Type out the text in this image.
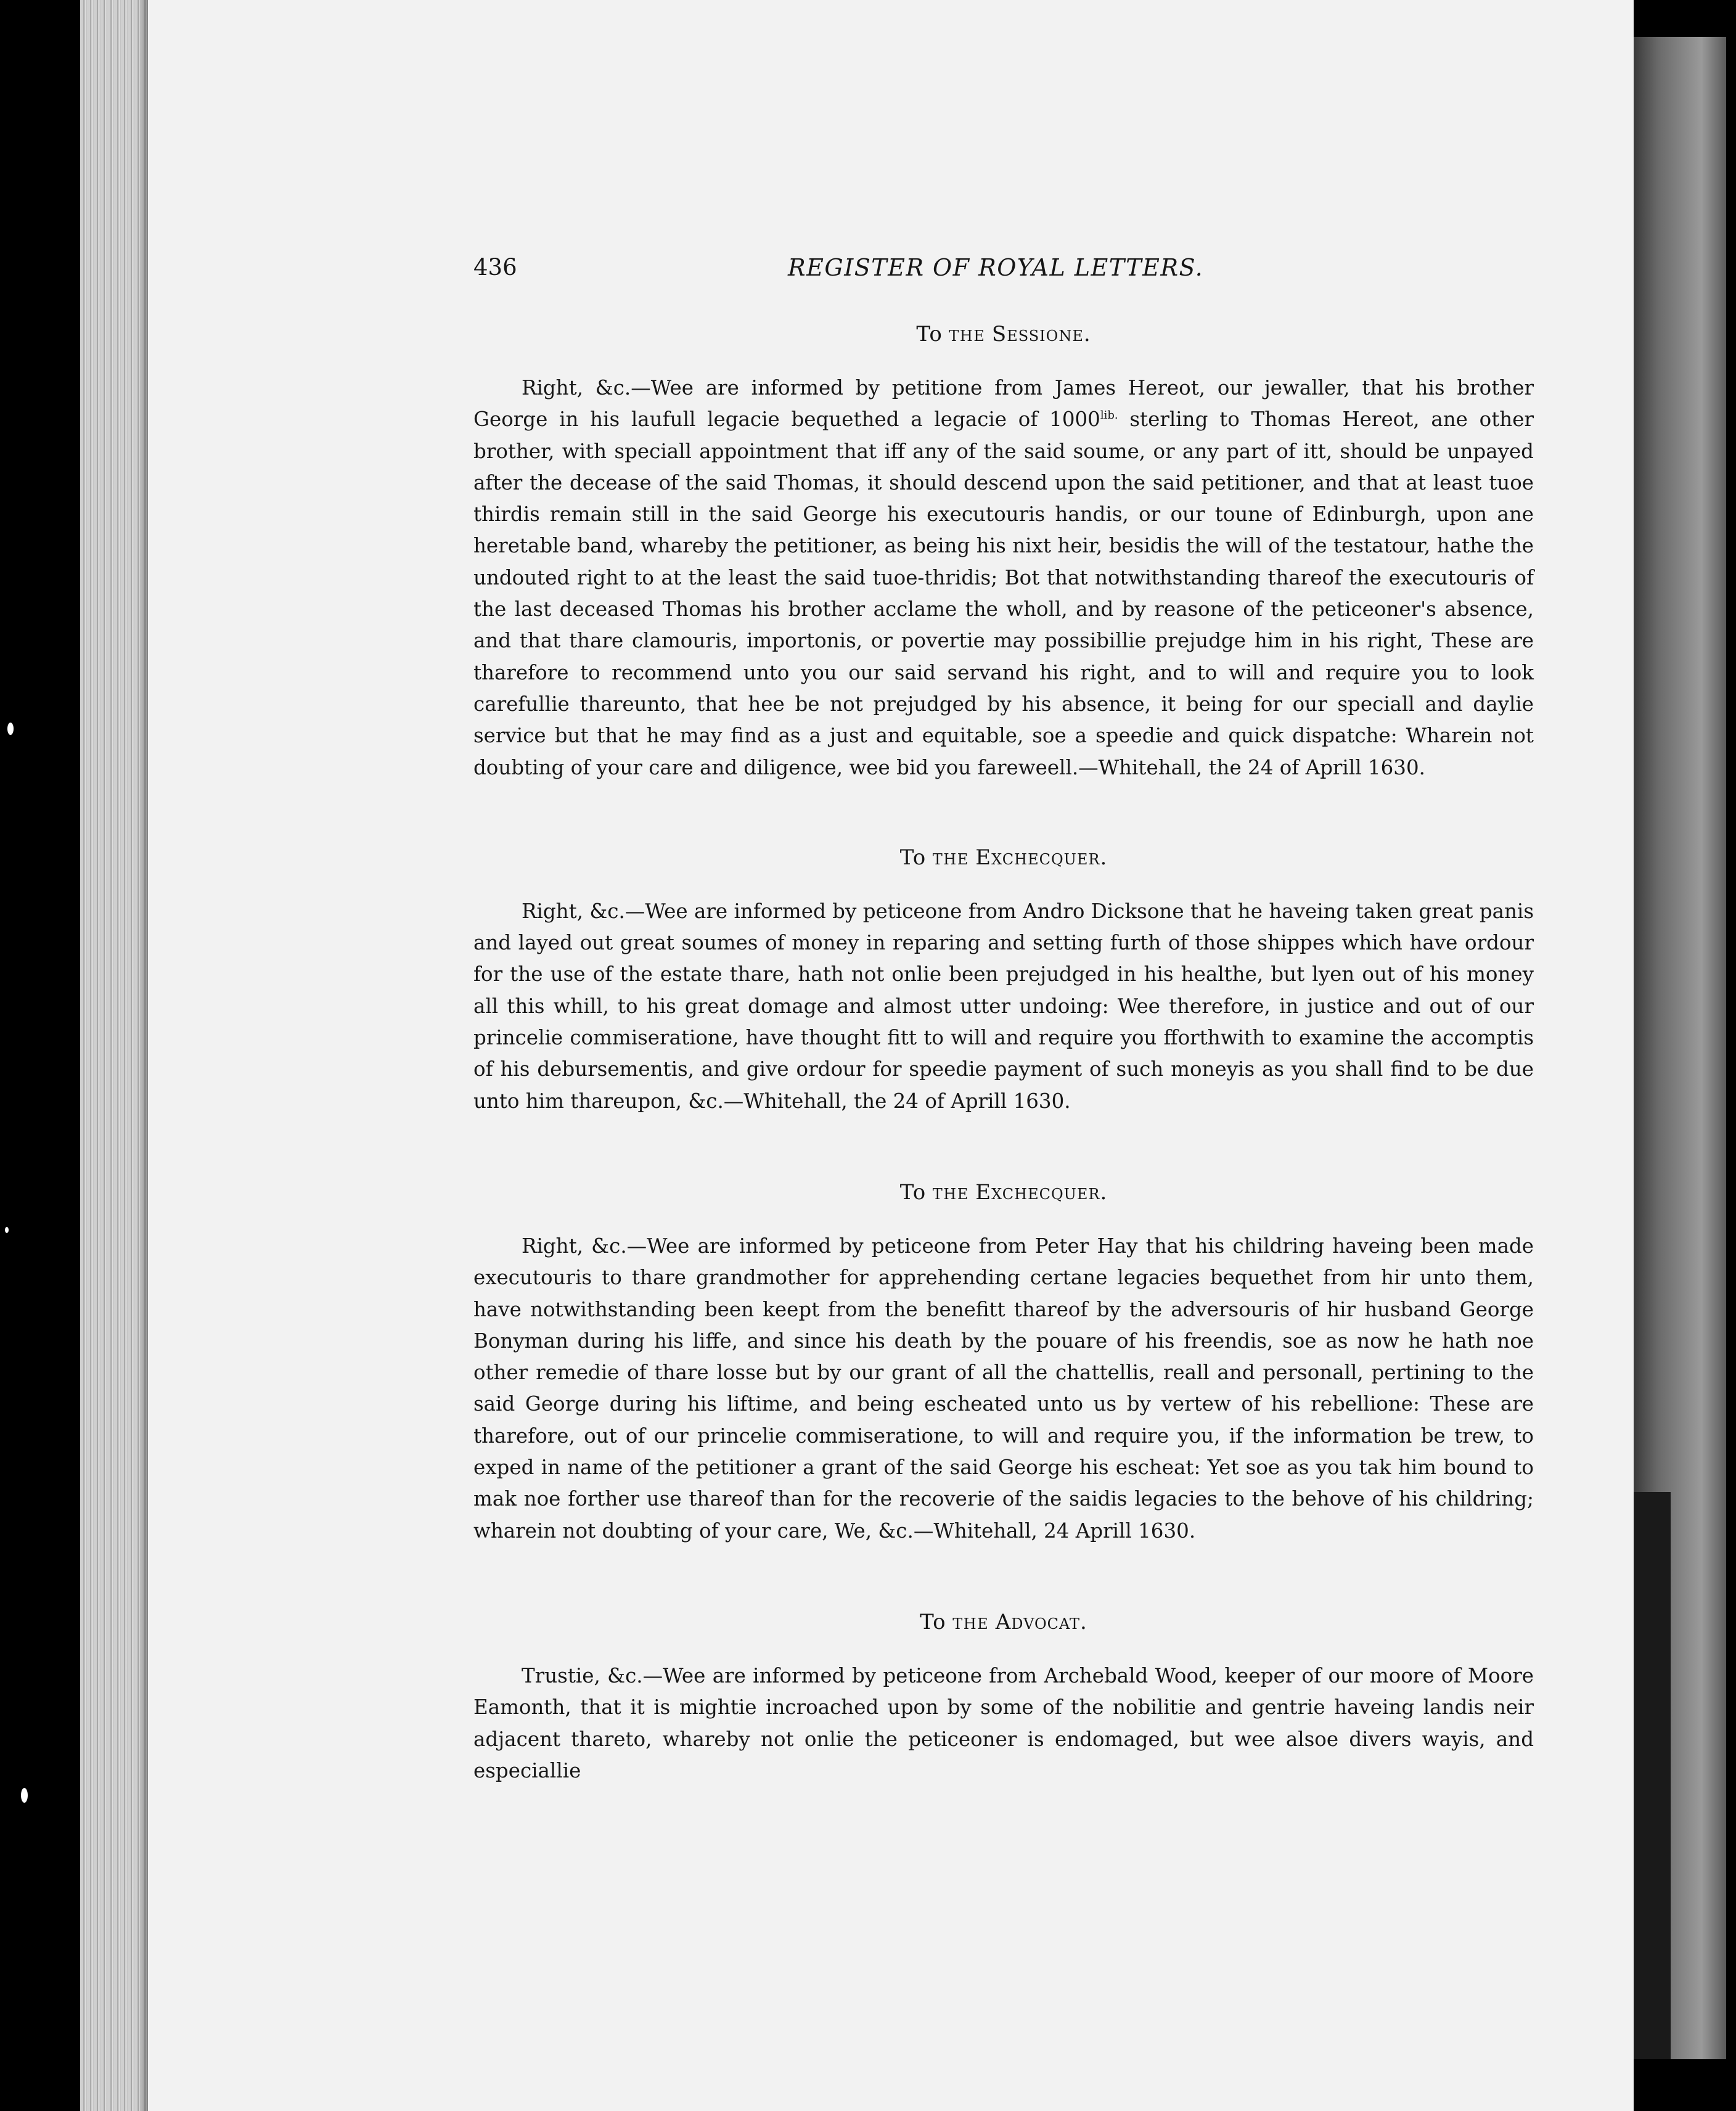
436	REGISTER OF ROYAL LETTERS.
To THE Sessione.

Right, &c.—Wee are informed by petitione from James Hereot, our jewaller, that his brother George in his laufull legacie bequethed a legacie of $1000^{lib.}$ sterling to Thomas Hereot, ane other brother, with speciall appointment that iff any of the said soume, or any part of itt, should be unpayed after the decease of the said Thomas, it should descend upon the said petitioner, and that at least tuoe thirdis remain still in the said George his executouris handis, or our toune of Edinburgh, upon ane heretable band, whareby the petitioner, as being his nixt heir, besidis the will of the testatour, hathe the undouted right to at the least the said tuoe-thridis; Bot that notwithstanding thareof the executouris of the last deceased Thomas his brother acclame the wholl, and by reasone of the peticeoner's absence, and that thare clamouris, importonis, or povertie may possibillie prejudge him in his right, These are tharefore to recommend unto you our said servand his right, and to will and require you to look carefullie thareunto, that hee be not prejudged by his absence, it being for our speciall and daylie service but that he may find as a just and equitable, soe a speedie and quick dispatche: Wharein not doubting of your care and diligence, wee bid you fareweell.—Whitehall, the 24 of Aprill 1630.

To THE Exchecquer.

Right, &c.—Wee are informed by peticeone from Andro Dicksone that he haveing taken great panis and layed out great soumes of money in reparing and setting furth of those shippes which have ordour for the use of the estate thare, hath not onlie been prejudged in his healthe, but lyen out of his money all this whill, to his great domage and almost utter undoing: Wee therefore, in justice and out of our princelie commiseratione, have thought fitt to will and require you fforthwith to examine the accomptis of his debursementis, and give ordour for speedie payment of such moneyis as you shall find to be due unto him thareupon, &c.—Whitehall, the 24 of Aprill 1630.

To THE Exchecquer.

Right, &c.—Wee are informed by peticeone from Peter Hay that his childring haveing been made executouris to thare grandmother for apprehending certane legacies bequethet from hir unto them, have notwithstanding been keept from the benefitt thareof by the adversouris of hir husband George Bonyman during his liffe, and since his death by the pouare of his freendis, soe as now he hath noe other remedie of thare losse but by our grant of all the chattellis, reall and personall, pertining to the said George during his liftime, and being escheated unto us by vertew of his rebellione: These are tharefore, out of our princelie commiseratione, to will and require you, if the information be trew, to exped in name of the petitioner a grant of the said George his escheat: Yet soe as you tak him bound to mak noe forther use thareof than for the recoverie of the saidis legacies to the behove of his childring; wharein not doubting of your care, We, &c.—Whitehall, 24 Aprill 1630.

To THE Advocat.

Trustie, &c.—Wee are informed by peticeone from Archebald Wood, keeper of our moore of Moore Eamonth, that it is mightie incroached upon by some of the nobilitie and gentrie haveing landis neir adjacent thareto, whareby not onlie the peticeoner is endomaged, but wee alsoe divers wayis, and especiallie
